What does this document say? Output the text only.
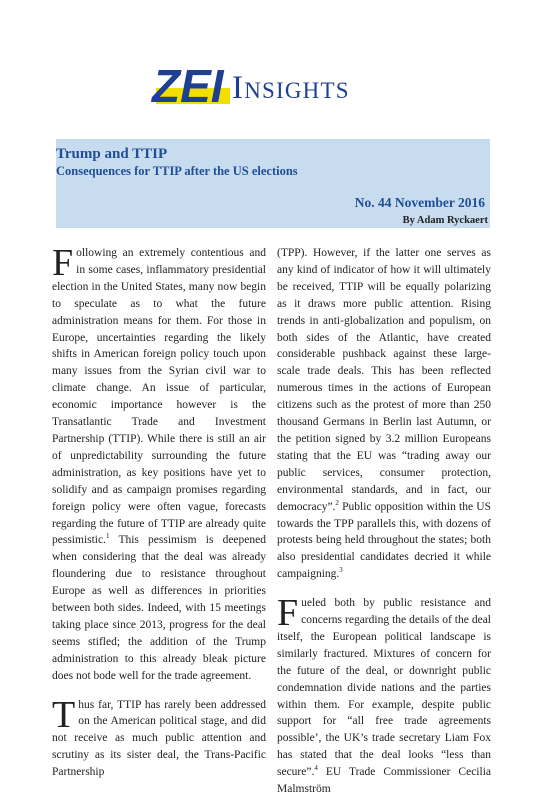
ZEI Insights
Trump and TTIP
Consequences for TTIP after the US elections
No. 44 November 2016
By Adam Ryckaert

Following an extremely contentious and in some cases, inflammatory presidential election in the United States, many now begin to speculate as to what the future administration means for them. For those in Europe, uncertainties regarding the likely shifts in American foreign policy touch upon many issues from the Syrian civil war to climate change. An issue of particular, economic importance however is the Transatlantic Trade and Investment Partnership (TTIP). While there is still an air of unpredictability surrounding the future administration, as key positions have yet to solidify and as campaign promises regarding foreign policy were often vague, forecasts regarding the future of TTIP are already quite pessimistic.$^1$ This pessimism is deepened when considering that the deal was already floundering due to resistance throughout Europe as well as differences in priorities between both sides. Indeed, with 15 meetings taking place since 2013, progress for the deal seems stifled; the addition of the Trump administration to this already bleak picture does not bode well for the trade agreement.

Thus far, TTIP has rarely been addressed on the American political stage, and did not receive as much public attention and scrutiny as its sister deal, the Trans-Pacific Partnership

(TPP). However, if the latter one serves as any kind of indicator of how it will ultimately be received, TTIP will be equally polarizing as it draws more public attention. Rising trends in anti-globalization and populism, on both sides of the Atlantic, have created considerable pushback against these large-scale trade deals. This has been reflected numerous times in the actions of European citizens such as the protest of more than 250 thousand Germans in Berlin last Autumn, or the petition signed by 3.2 million Europeans stating that the EU was “trading away our public services, consumer protection, environmental standards, and in fact, our democracy”.$^2$ Public opposition within the US towards the TPP parallels this, with dozens of protests being held throughout the states; both also presidential candidates decried it while campaigning.$^3$

Fueled both by public resistance and concerns regarding the details of the deal itself, the European political landscape is similarly fractured. Mixtures of concern for the future of the deal, or downright public condemnation divide nations and the parties within them. For example, despite public support for “all free trade agreements possible’, the UK’s trade secretary Liam Fox has stated that the deal looks “less than secure”.$^4$ EU Trade Commissioner Cecilia Malmström
